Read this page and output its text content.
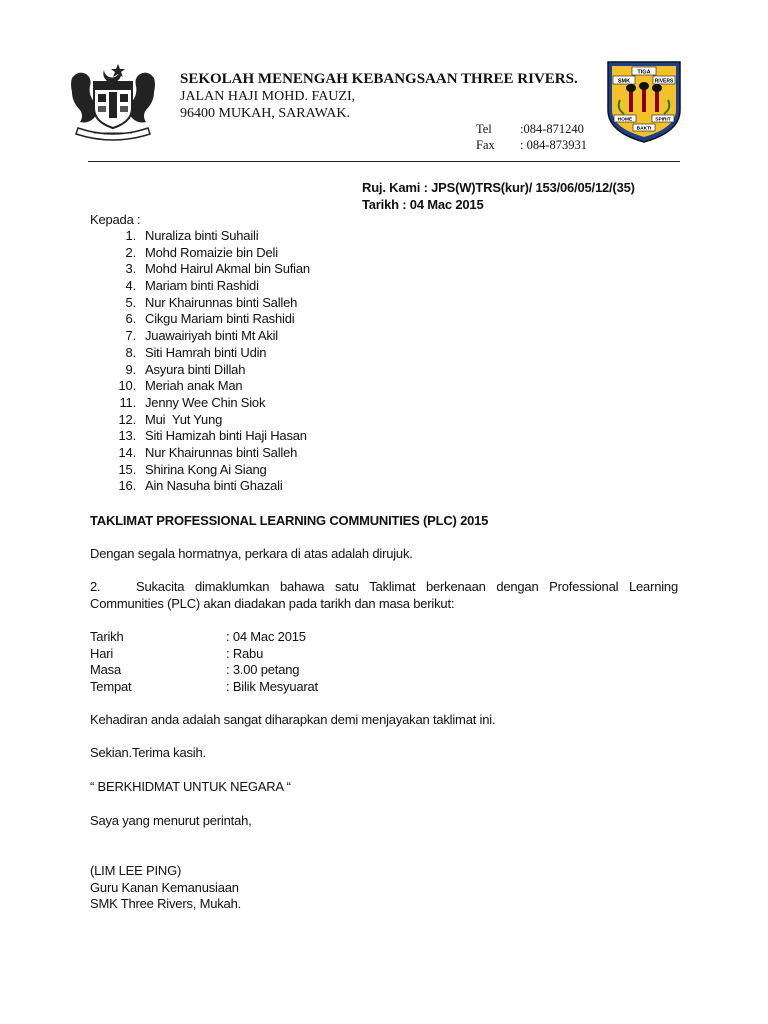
SEKOLAH MENENGAH KEBANGSAAN THREE RIVERS.
JALAN HAJI MOHD. FAUZI,
96400 MUKAH, SARAWAK.
Tel	:084-871240
Fax	: 084-873931
TIGA
SMK	RIVERS
HOME	SPIRIT
BAKTI
Ruj. Kami : JPS(W)TRS(kur)/ 153/06/05/12/(35)
Tarikh : 04 Mac 2015
Kepada :
1. Nuraliza binti Suhaili
2. Mohd Romaizie bin Deli
3. Mohd Hairul Akmal bin Sufian
4. Mariam binti Rashidi
5. Nur Khairunnas binti Salleh
6. Cikgu Mariam binti Rashidi
7. Juawairiyah binti Mt Akil
8. Siti Hamrah binti Udin
9. Asyura binti Dillah
10. Meriah anak Man
11. Jenny Wee Chin Siok
12. Mui  Yut Yung
13. Siti Hamizah binti Haji Hasan
14. Nur Khairunnas binti Salleh
15. Shirina Kong Ai Siang
16. Ain Nasuha binti Ghazali
TAKLIMAT PROFESSIONAL LEARNING COMMUNITIES (PLC) 2015
Dengan segala hormatnya, perkara di atas adalah dirujuk.
2.	Sukacita dimaklumkan bahawa satu Taklimat berkenaan dengan Professional Learning Communities (PLC) akan diadakan pada tarikh dan masa berikut:
Tarikh	: 04 Mac 2015
Hari	: Rabu
Masa	: 3.00 petang
Tempat	: Bilik Mesyuarat
Kehadiran anda adalah sangat diharapkan demi menjayakan taklimat ini.
Sekian.Terima kasih.
“ BERKHIDMAT UNTUK NEGARA “
Saya yang menurut perintah,
(LIM LEE PING)
Guru Kanan Kemanusiaan
SMK Three Rivers, Mukah.
